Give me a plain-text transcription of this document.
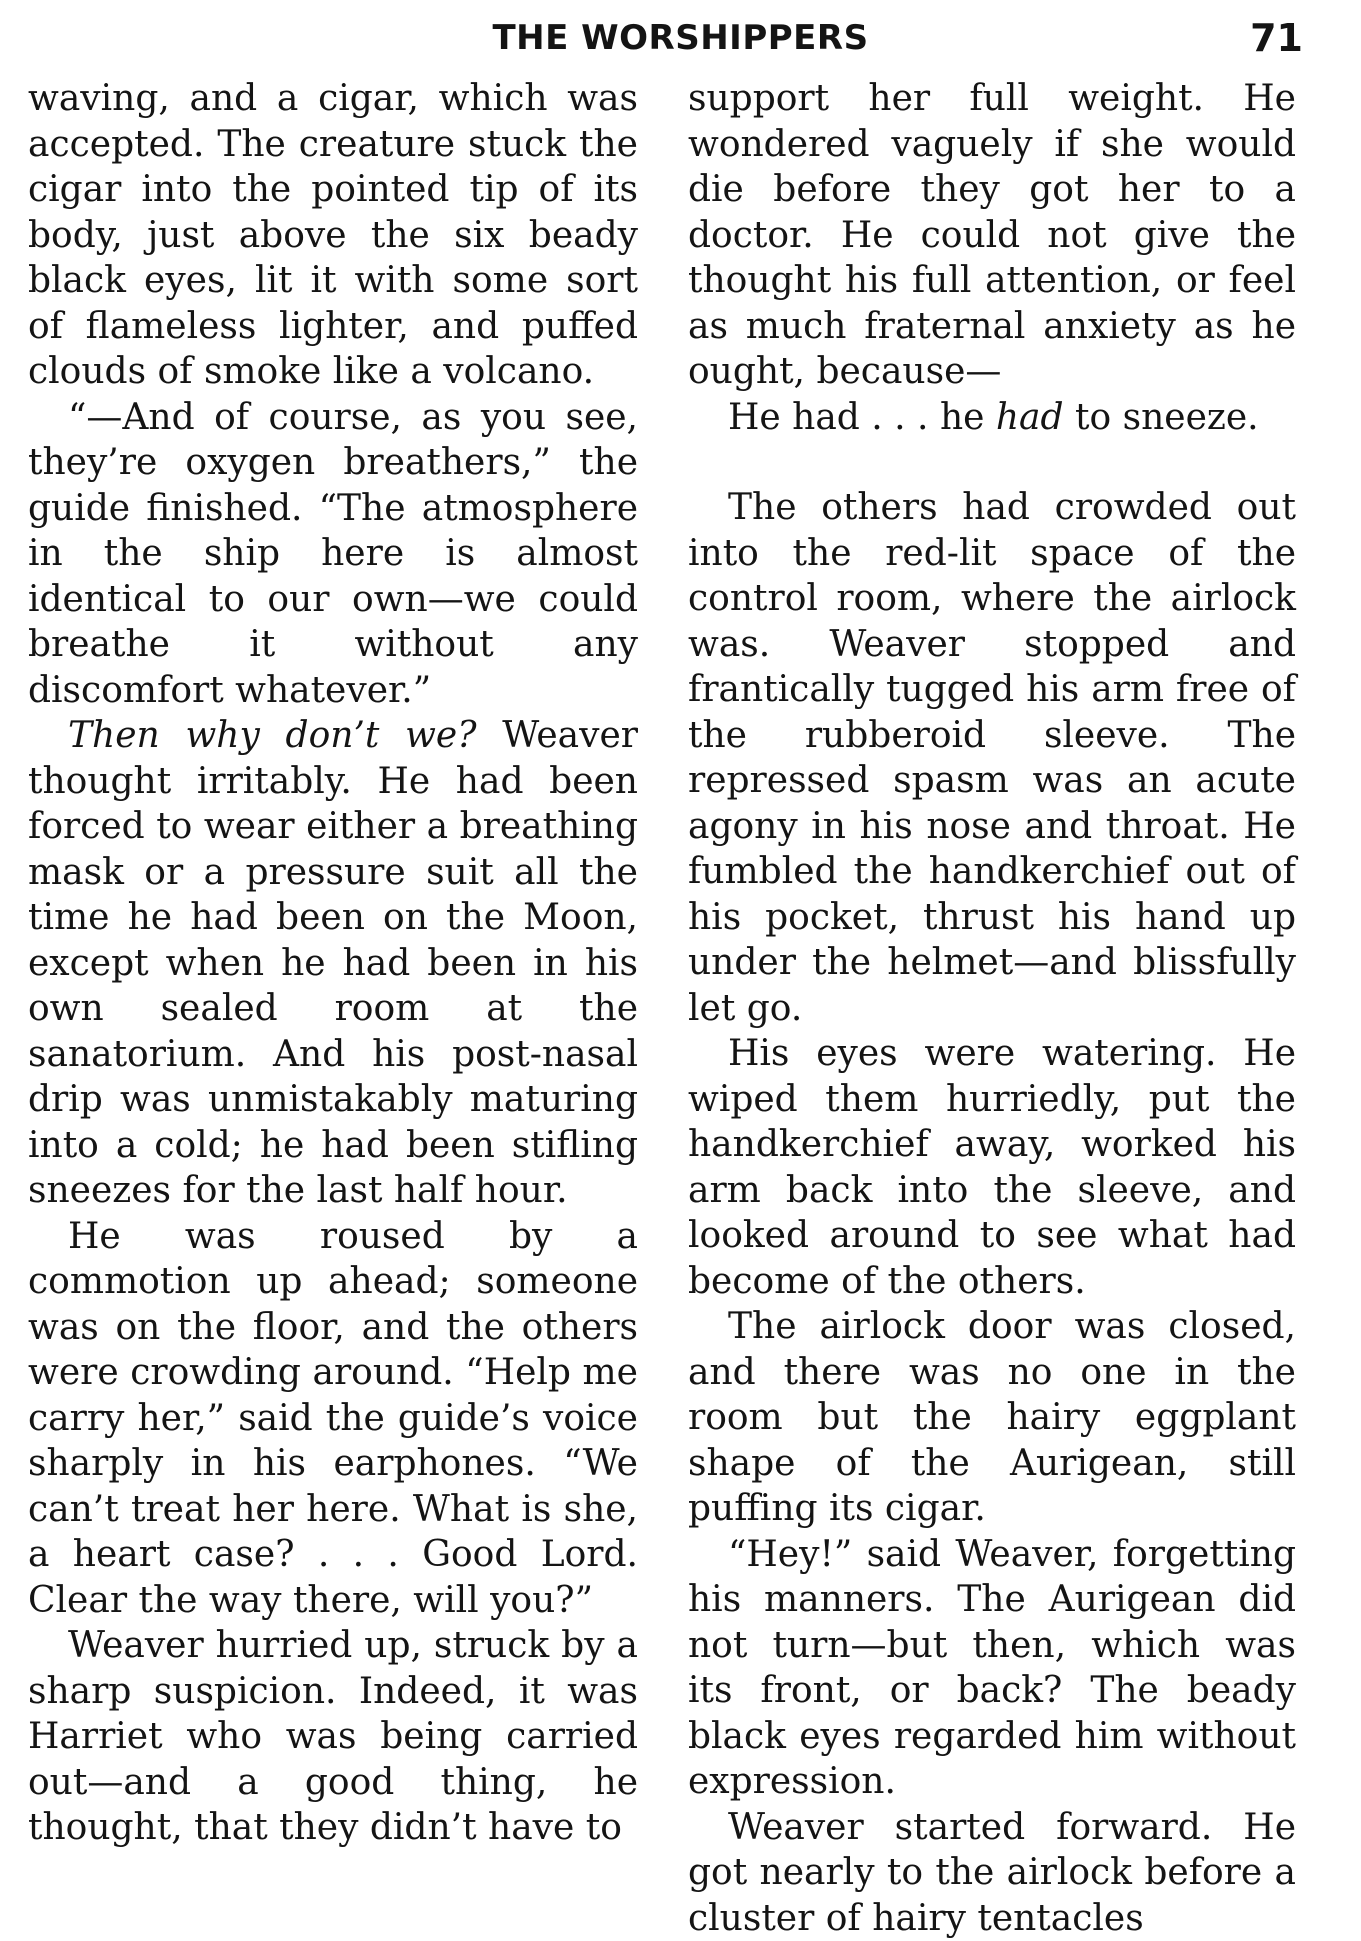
THE WORSHIPPERS	71

waving, and a cigar, which was accepted. The creature stuck the cigar into the pointed tip of its body, just above the six beady black eyes, lit it with some sort of flameless lighter, and puffed clouds of smoke like a volcano.

“—And of course, as you see, they’re oxygen breathers,” the guide finished. “The atmosphere in the ship here is almost identical to our own—we could breathe it without any discomfort whatever.”

Then why don’t we? Weaver thought irritably. He had been forced to wear either a breathing mask or a pressure suit all the time he had been on the Moon, except when he had been in his own sealed room at the sanatorium. And his post-nasal drip was unmistakably maturing into a cold; he had been stifling sneezes for the last half hour.

He was roused by a commotion up ahead; someone was on the floor, and the others were crowding around. “Help me carry her,” said the guide’s voice sharply in his earphones. “We can’t treat her here. What is she, a heart case? . . . Good Lord. Clear the way there, will you?”

Weaver hurried up, struck by a sharp suspicion. Indeed, it was Harriet who was being carried out—and a good thing, he thought, that they didn’t have to

support her full weight. He wondered vaguely if she would die before they got her to a doctor. He could not give the thought his full attention, or feel as much fraternal anxiety as he ought, because—

He had . . . he had to sneeze.

The others had crowded out into the red-lit space of the control room, where the airlock was. Weaver stopped and frantically tugged his arm free of the rubberoid sleeve. The repressed spasm was an acute agony in his nose and throat. He fumbled the handkerchief out of his pocket, thrust his hand up under the helmet—and blissfully let go.

His eyes were watering. He wiped them hurriedly, put the handkerchief away, worked his arm back into the sleeve, and looked around to see what had become of the others.

The airlock door was closed, and there was no one in the room but the hairy eggplant shape of the Aurigean, still puffing its cigar.

“Hey!” said Weaver, forgetting his manners. The Aurigean did not turn—but then, which was its front, or back? The beady black eyes regarded him without expression.

Weaver started forward. He got nearly to the airlock before a cluster of hairy tentacles
